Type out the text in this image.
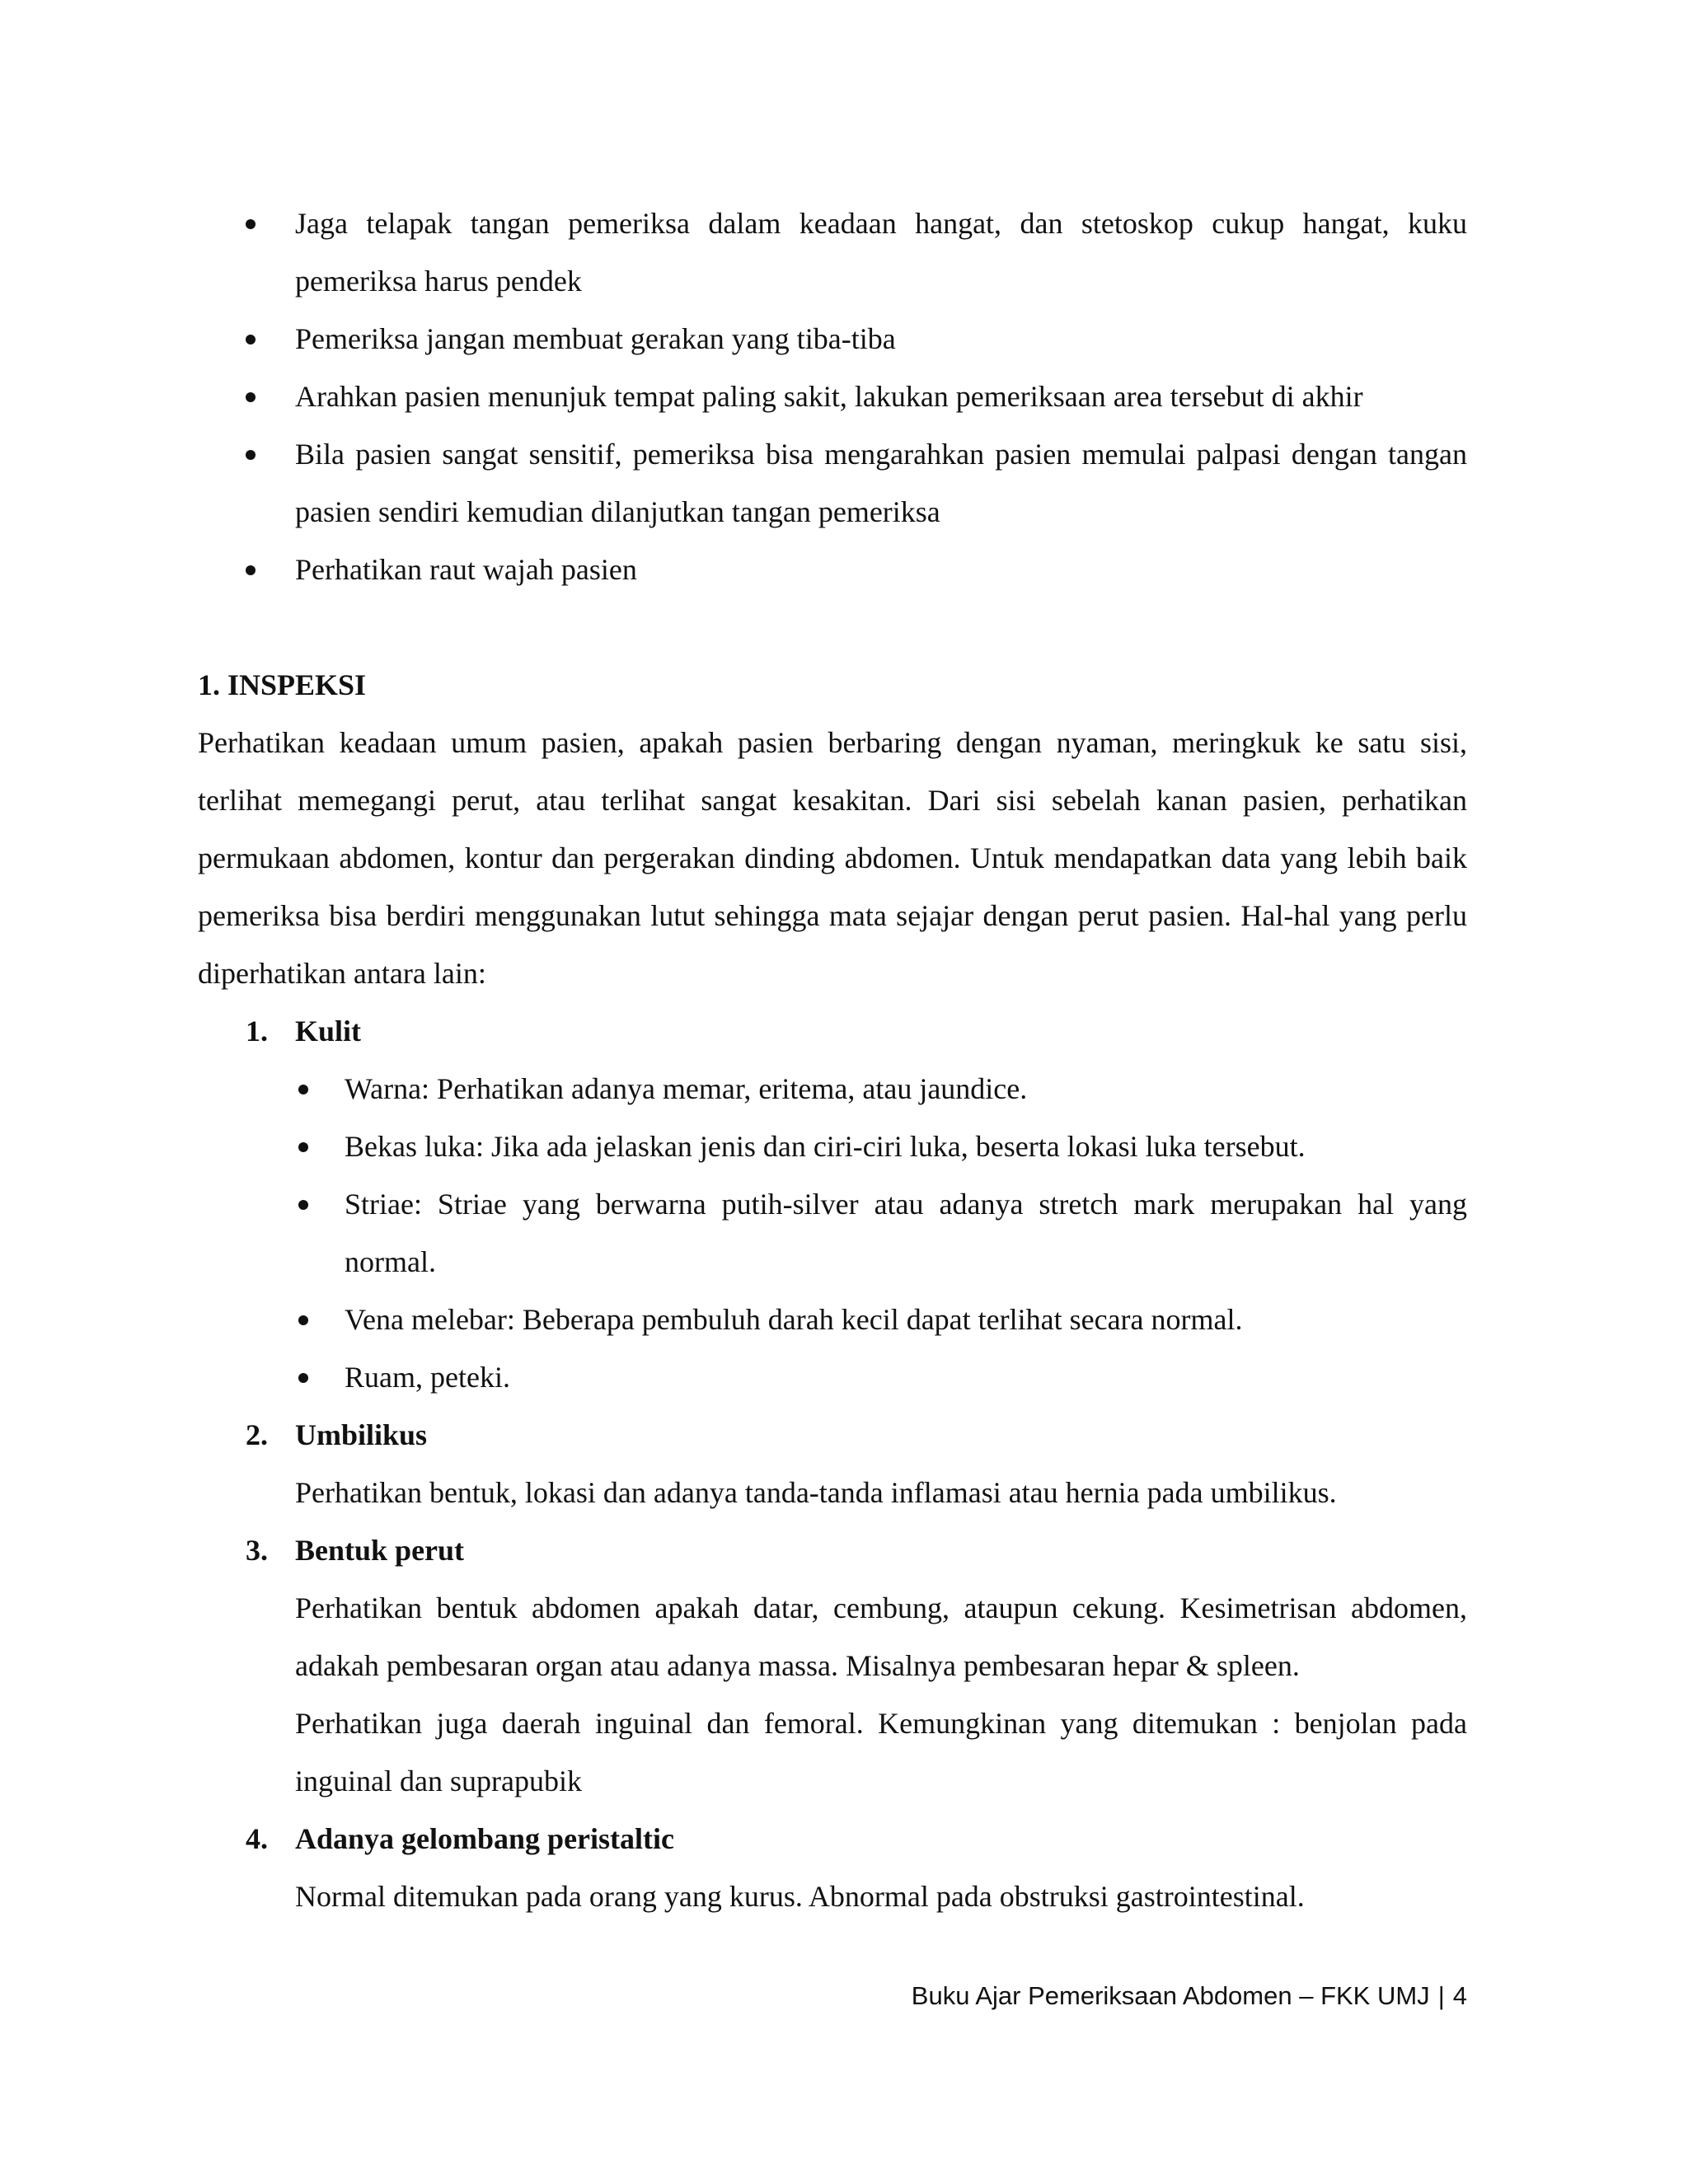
Jaga telapak tangan pemeriksa dalam keadaan hangat, dan stetoskop cukup hangat, kuku pemeriksa harus pendek
Pemeriksa jangan membuat gerakan yang tiba-tiba
Arahkan pasien menunjuk tempat paling sakit, lakukan pemeriksaan area tersebut di akhir
Bila pasien sangat sensitif, pemeriksa bisa mengarahkan pasien memulai palpasi dengan tangan pasien sendiri kemudian dilanjutkan tangan pemeriksa
Perhatikan raut wajah pasien
1. INSPEKSI

Perhatikan keadaan umum pasien, apakah pasien berbaring dengan nyaman, meringkuk ke satu sisi, terlihat memegangi perut, atau terlihat sangat kesakitan. Dari sisi sebelah kanan pasien, perhatikan permukaan abdomen, kontur dan pergerakan dinding abdomen. Untuk mendapatkan data yang lebih baik pemeriksa bisa berdiri menggunakan lutut sehingga mata sejajar dengan perut pasien. Hal-hal yang perlu diperhatikan antara lain:

1. Kulit
Warna: Perhatikan adanya memar, eritema, atau jaundice.
Bekas luka: Jika ada jelaskan jenis dan ciri-ciri luka, beserta lokasi luka tersebut.
Striae: Striae yang berwarna putih-silver atau adanya stretch mark merupakan hal yang normal.
Vena melebar: Beberapa pembuluh darah kecil dapat terlihat secara normal.
Ruam, peteki.
2. Umbilikus

Perhatikan bentuk, lokasi dan adanya tanda-tanda inflamasi atau hernia pada umbilikus.

3. Bentuk perut

Perhatikan bentuk abdomen apakah datar, cembung, ataupun cekung. Kesimetrisan abdomen, adakah pembesaran organ atau adanya massa. Misalnya pembesaran hepar & spleen.

Perhatikan juga daerah inguinal dan femoral. Kemungkinan yang ditemukan : benjolan pada inguinal dan suprapubik

4. Adanya gelombang peristaltic

Normal ditemukan pada orang yang kurus. Abnormal pada obstruksi gastrointestinal.

Buku Ajar Pemeriksaan Abdomen – FKK UMJ | 4
